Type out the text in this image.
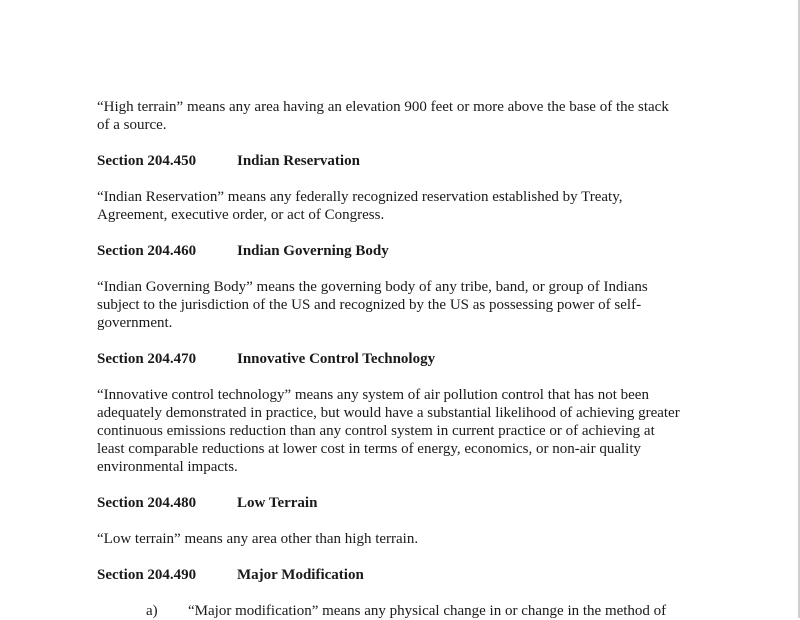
“High terrain” means any area having an elevation 900 feet or more above the base of the stack
of a source.
Section 204.450	Indian Reservation
“Indian Reservation” means any federally recognized reservation established by Treaty,
Agreement, executive order, or act of Congress.
Section 204.460	Indian Governing Body
“Indian Governing Body” means the governing body of any tribe, band, or group of Indians
subject to the jurisdiction of the US and recognized by the US as possessing power of self-
government.
Section 204.470	Innovative Control Technology
“Innovative control technology” means any system of air pollution control that has not been
adequately demonstrated in practice, but would have a substantial likelihood of achieving greater
continuous emissions reduction than any control system in current practice or of achieving at
least comparable reductions at lower cost in terms of energy, economics, or non-air quality
environmental impacts.
Section 204.480	Low Terrain
“Low terrain” means any area other than high terrain.
Section 204.490	Major Modification
a) “Major modification” means any physical change in or change in the method of
